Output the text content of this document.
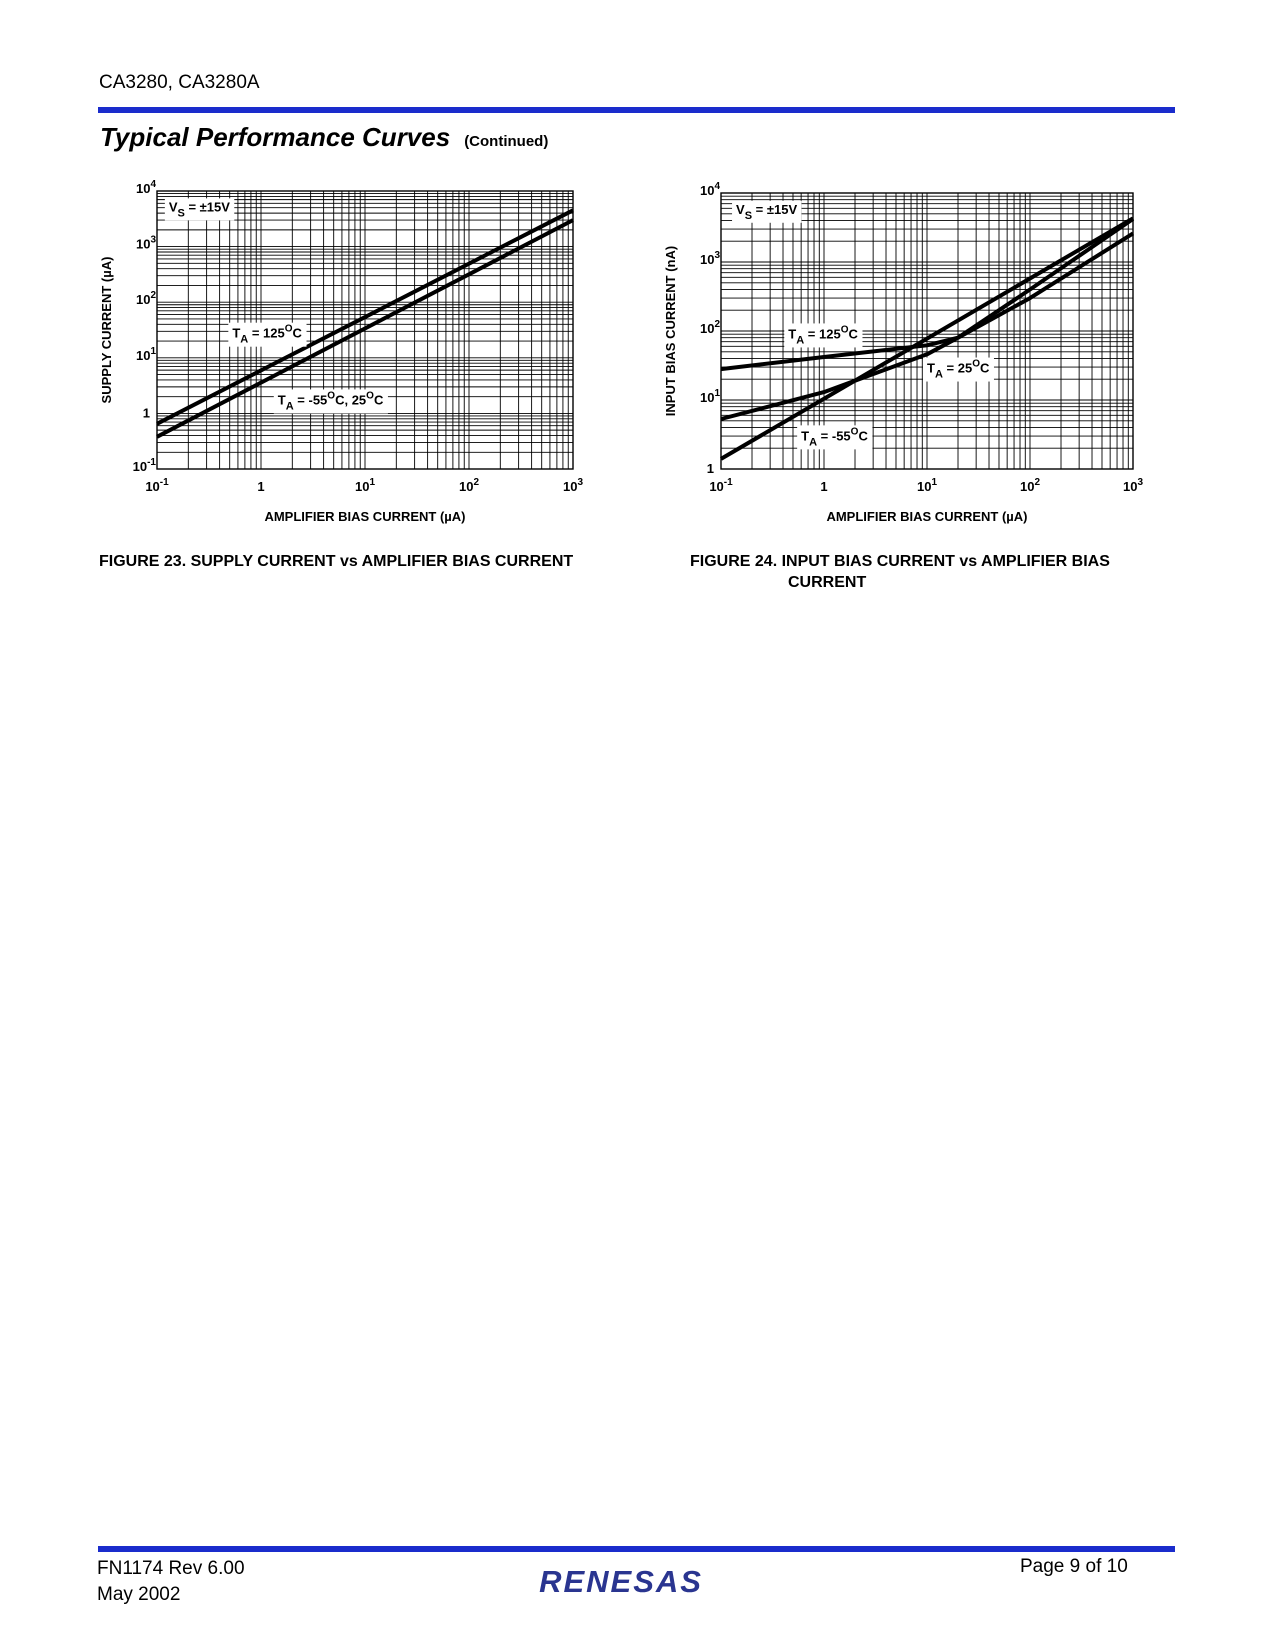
CA3280, CA3280A
Typical Performance Curves (Continued)
$10^{-1}$	1	$10^1$	$10^2$	$10^3$
$10^{-1}$
1
$10^1$
$10^2$
$10^3$
$10^4$
AMPLIFIER BIAS CURRENT (µA)
SUPPLY CURRENT (µA)
$V_S = \pm 15V$
$T_A = 125^OC$
$T_A = -55^OC$, $25^OC$
$10^{-1}$	1	$10^1$	$10^2$	$10^3$
1
$10^1$
$10^2$
$10^3$
$10^4$
AMPLIFIER BIAS CURRENT (µA)
INPUT BIAS CURRENT (nA)
$V_S = \pm 15V$
$T_A = 125^OC$
$T_A = 25^OC$
$T_A = -55^OC$
FIGURE 23. SUPPLY CURRENT vs AMPLIFIER BIAS CURRENT	FIGURE 24. INPUT BIAS CURRENT vs AMPLIFIER BIAS
CURRENT
FN1174 Rev 6.00
May 2002	RENESAS	Page 9 of 10
